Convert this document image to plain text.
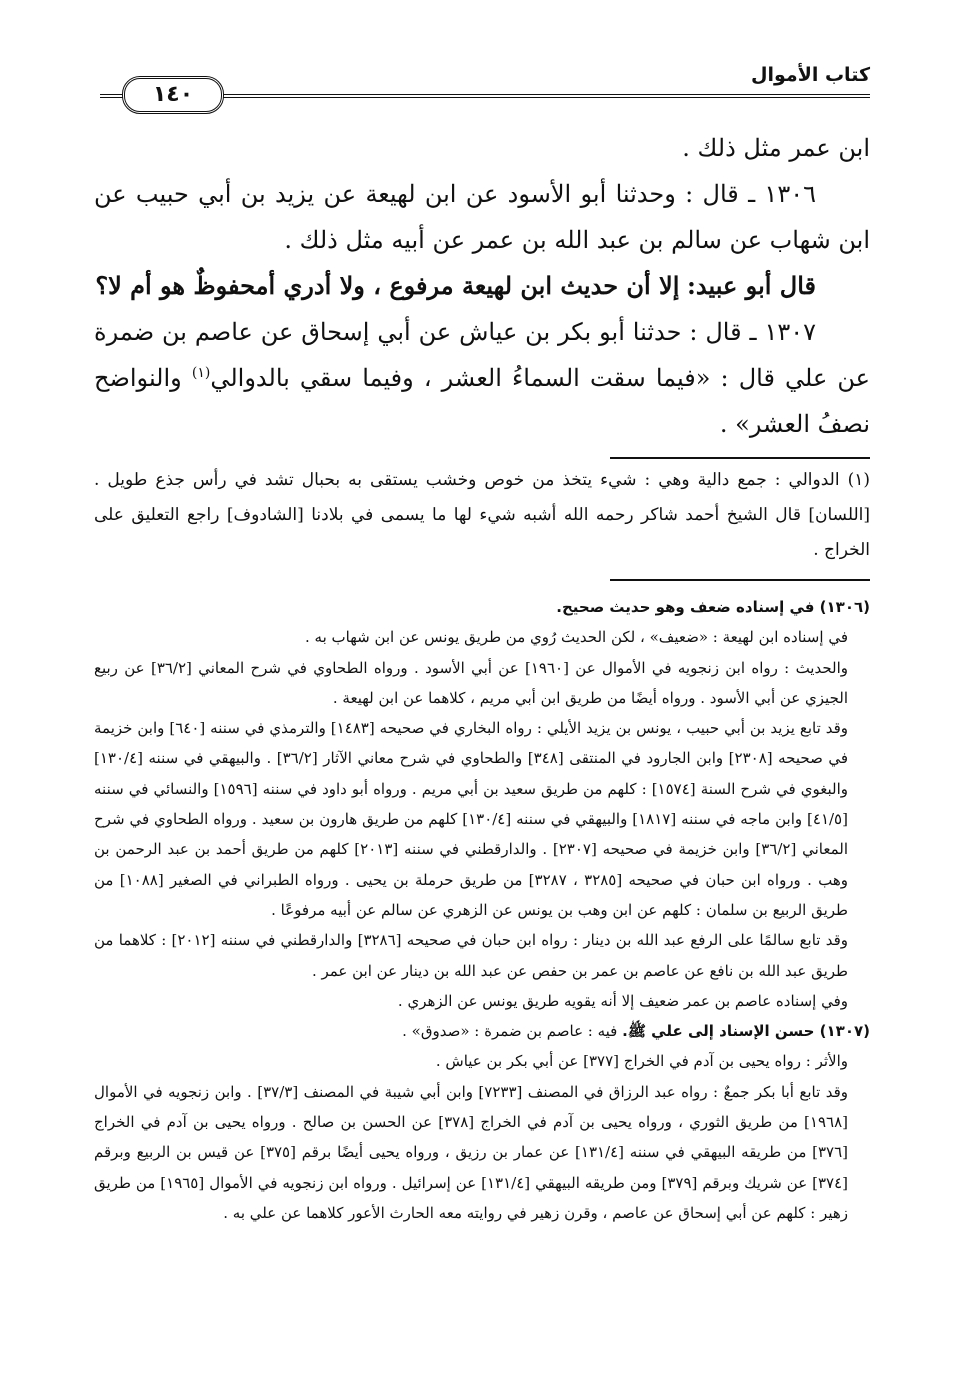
كتاب الأموال
١٤٠

ابن عمر مثل ذلك .

١٣٠٦ ـ قال : وحدثنا أبو الأسود عن ابن لهيعة عن يزيد بن أبي حبيب عن ابن شهاب عن سالم بن عبد الله بن عمر عن أبيه مثل ذلك .

قال أبو عبيد: إلا أن حديث ابن لهيعة مرفوع ، ولا أدري أمحفوظٌ هو أم لا؟

١٣٠٧ ـ قال : حدثنا أبو بكر بن عياش عن أبي إسحاق عن عاصم بن ضمرة عن علي قال : «فيما سقت السماءُ العشر ، وفيما سقي بالدوالي$^{(١)}$ والنواضح نصفُ العشر» .

(١) الدوالي : جمع دالية وهي : شيء يتخذ من خوص وخشب يستقى به بحبال تشد في رأس جذع طويل . [اللسان] قال الشيخ أحمد شاكر رحمه الله أشبه شيء لها ما يسمى في بلادنا [الشادوف] راجع التعليق على الخراج .

(١٣٠٦) في إسناده ضعف وهو حديث صحيح.

في إسناده ابن لهيعة : «ضعيف» ، لكن الحديث رُوي من طريق يونس عن ابن شهاب به .

والحديث : رواه ابن زنجويه في الأموال عن [١٩٦٠] عن أبي الأسود . ورواه الطحاوي في شرح المعاني [٣٦/٢] عن ربيع الجيزي عن أبي الأسود . ورواه أيضًا من طريق ابن أبي مريم ، كلاهما عن ابن لهيعة .

وقد تابع يزيد بن أبي حبيب ، يونس بن يزيد الأيلي : رواه البخاري في صحيحه [١٤٨٣] والترمذي في سننه [٦٤٠] وابن خزيمة في صحيحه [٢٣٠٨] وابن الجارود في المنتقى [٣٤٨] والطحاوي في شرح معاني الآثار [٣٦/٢] . والبيهقي في سننه [١٣٠/٤] والبغوي في شرح السنة [١٥٧٤] : كلهم من طريق سعيد بن أبي مريم . ورواه أبو داود في سننه [١٥٩٦] والنسائي في سننه [٤١/٥] وابن ماجه في سننه [١٨١٧] والبيهقي في سننه [١٣٠/٤] كلهم من طريق هارون بن سعيد . ورواه الطحاوي في شرح المعاني [٣٦/٢] وابن خزيمة في صحيحه [٢٣٠٧] . والدارقطني في سننه [٢٠١٣] كلهم من طريق أحمد بن عبد الرحمن بن وهب . ورواه ابن حبان في صحيحه [٣٢٨٥ ، ٣٢٨٧] من طريق حرملة بن يحيى . ورواه الطبراني في الصغير [١٠٨٨] من طريق الربيع بن سلمان : كلهم عن ابن وهب بن يونس عن الزهري عن سالم عن أبيه مرفوعًا .

وقد تابع سالمًا على الرفع عبد الله بن دينار : رواه ابن حبان في صحيحه [٣٢٨٦] والدارقطني في سننه [٢٠١٢] : كلاهما من طريق عبد الله بن نافع عن عاصم بن عمر بن حفص عن عبد الله بن دينار عن ابن عمر .

وفي إسناده عاصم بن عمر ضعيف إلا أنه يقويه طريق يونس عن الزهري .

(١٣٠٧) حسن الإسناد إلى علي ﷺ. فيه : عاصم بن ضمرة : «صدوق» .

والأثر : رواه يحيى بن آدم في الخراج [٣٧٧] عن أبي بكر بن عياش .

وقد تابع أبا بكر جمعٌ : رواه عبد الرزاق في المصنف [٧٢٣٣] وابن أبي شيبة في المصنف [٣٧/٣] . وابن زنجويه في الأموال [١٩٦٨] من طريق الثوري ، ورواه يحيى بن آدم في الخراج [٣٧٨] عن الحسن بن صالح . ورواه يحيى بن آدم في الخراج [٣٧٦] من طريقه البيهقي في سننه [١٣١/٤] عن عمار بن رزيق ، ورواه يحيى أيضًا برقم [٣٧٥] عن قيس بن الربيع وبرقم [٣٧٤] عن شريك وبرقم [٣٧٩] ومن طريقه البيهقي [١٣١/٤] عن إسرائيل . ورواه ابن زنجويه في الأموال [١٩٦٥] من طريق زهير : كلهم عن أبي إسحاق عن عاصم ، وقرن زهير في روايته معه الحارث الأعور كلاهما عن علي به .
